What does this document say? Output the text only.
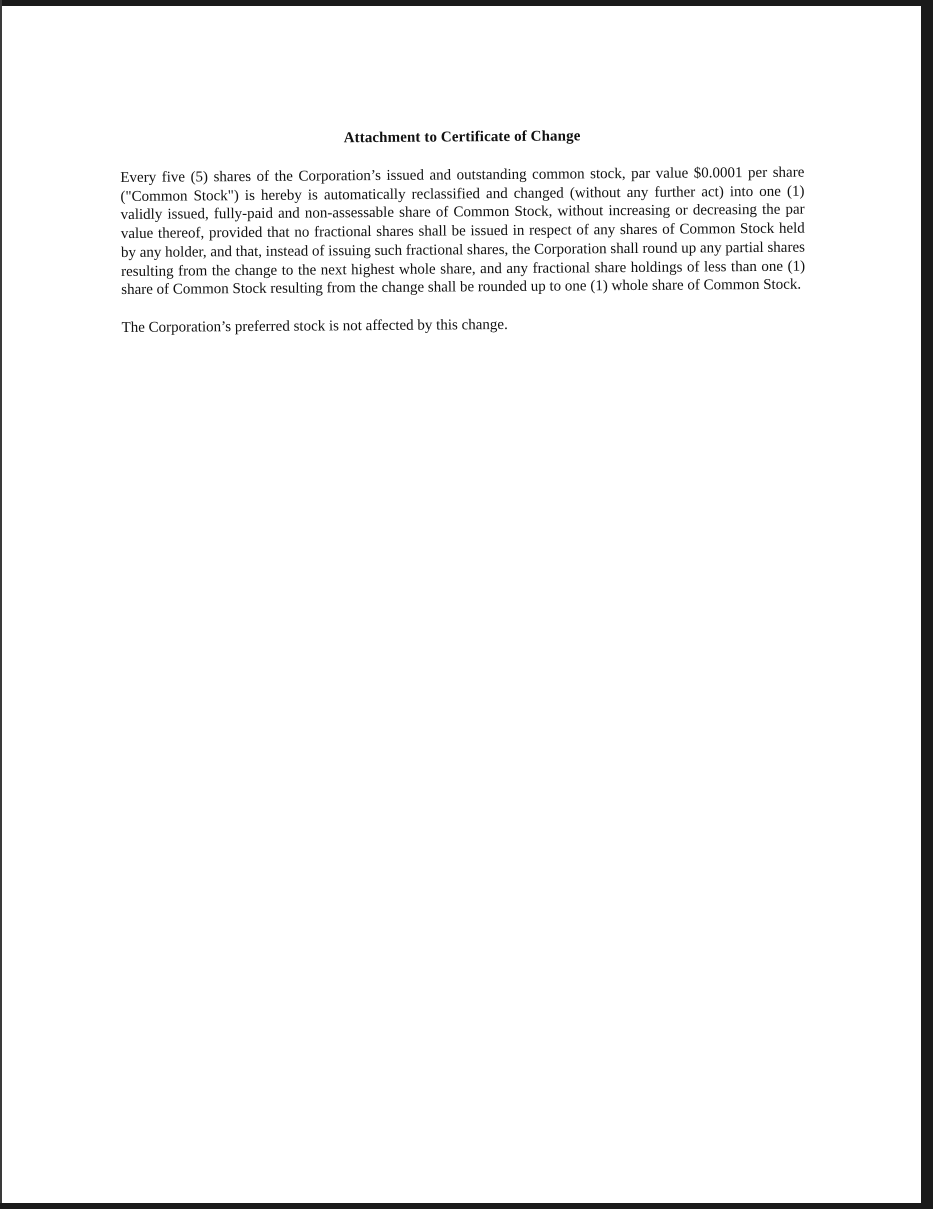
Attachment to Certificate of Change

Every five (5) shares of the Corporation’s issued and outstanding common stock, par value $0.0001 per share ("Common Stock") is hereby is automatically reclassified and changed (without any further act) into one (1) validly issued, fully-paid and non-assessable share of Common Stock, without increasing or decreasing the par value thereof, provided that no fractional shares shall be issued in respect of any shares of Common Stock held by any holder, and that, instead of issuing such fractional shares, the Corporation shall round up any partial shares resulting from the change to the next highest whole share, and any fractional share holdings of less than one (1) share of Common Stock resulting from the change shall be rounded up to one (1) whole share of Common Stock.

The Corporation’s preferred stock is not affected by this change.
